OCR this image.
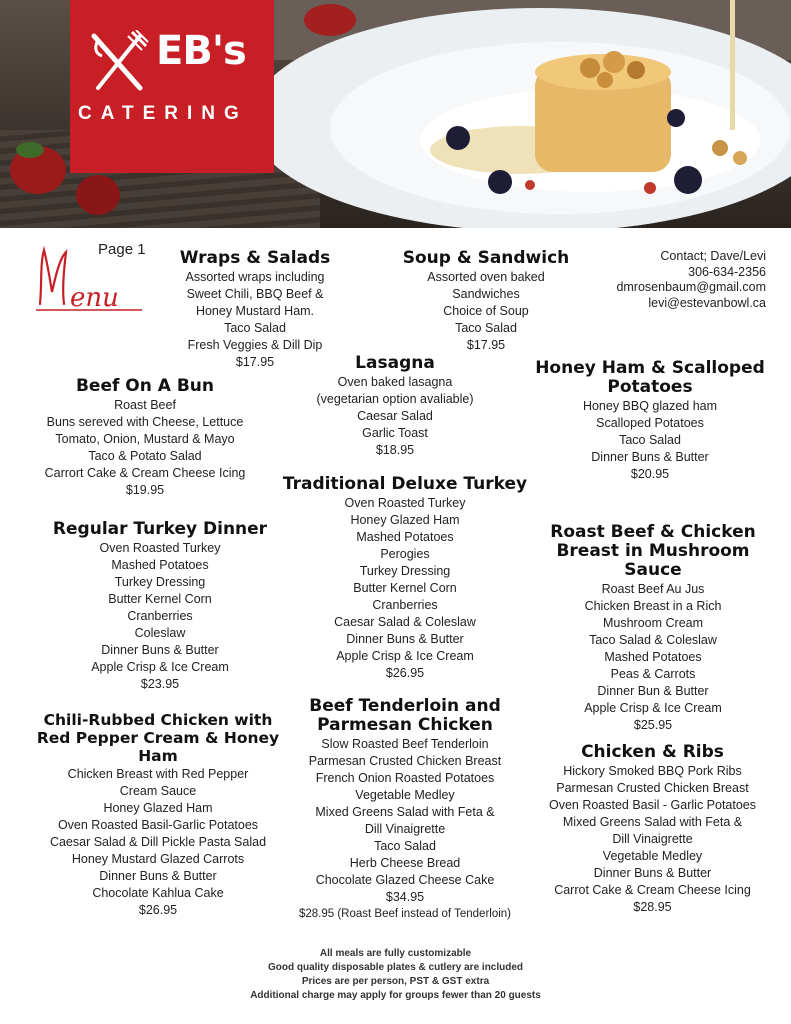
EB's
CATERING
Page 1
enu
Contact; Dave/Levi
306-634-2356
dmrosenbaum@gmail.com
levi@estevanbowl.ca
Wraps & Salads
Assorted wraps including
Sweet Chili, BBQ Beef &
Honey Mustard Ham.
Taco Salad
Fresh Veggies & Dill Dip
$17.95
Soup & Sandwich
Assorted oven baked
Sandwiches
Choice of Soup
Taco Salad
$17.95
Lasagna
Oven baked lasagna
(vegetarian option avaliable)
Caesar Salad
Garlic Toast
$18.95
Honey Ham & Scalloped
Potatoes
Honey BBQ glazed ham
Scalloped Potatoes
Taco Salad
Dinner Buns & Butter
$20.95
Beef On A Bun
Roast Beef
Buns sereved with Cheese, Lettuce
Tomato, Onion, Mustard & Mayo
Taco & Potato Salad
Carrort Cake & Cream Cheese Icing
$19.95	Traditional Deluxe Turkey
Oven Roasted Turkey
Honey Glazed Ham
Mashed Potatoes
Perogies
Turkey Dressing
Butter Kernel Corn
Cranberries
Caesar Salad & Coleslaw
Dinner Buns & Butter
Apple Crisp & Ice Cream
$26.95
Regular Turkey Dinner
Oven Roasted Turkey
Mashed Potatoes
Turkey Dressing
Butter Kernel Corn
Cranberries
Coleslaw
Dinner Buns & Butter
Apple Crisp & Ice Cream
$23.95
Roast Beef & Chicken
Breast in Mushroom Sauce
Roast Beef Au Jus
Chicken Breast in a Rich
Mushroom Cream
Taco Salad & Coleslaw
Mashed Potatoes
Peas & Carrots
Dinner Bun & Butter
Apple Crisp & Ice Cream
$25.95
Beef Tenderloin and
Parmesan Chicken
Slow Roasted Beef Tenderloin
Parmesan Crusted Chicken Breast
French Onion Roasted Potatoes
Vegetable Medley
Mixed Greens Salad with Feta &
Dill Vinaigrette
Taco Salad
Herb Cheese Bread
Chocolate Glazed Cheese Cake
$34.95
$28.95 (Roast Beef instead of Tenderloin)
Chili-Rubbed Chicken with
Red Pepper Cream & Honey Ham
Chicken Breast with Red Pepper
Cream Sauce
Honey Glazed Ham
Oven Roasted Basil-Garlic Potatoes
Caesar Salad & Dill Pickle Pasta Salad
Honey Mustard Glazed Carrots
Dinner Buns & Butter
Chocolate Kahlua Cake
$26.95
Chicken & Ribs
Hickory Smoked BBQ Pork Ribs
Parmesan Crusted Chicken Breast
Oven Roasted Basil - Garlic Potatoes
Mixed Greens Salad with Feta &
Dill Vinaigrette
Vegetable Medley
Dinner Buns & Butter
Carrot Cake & Cream Cheese Icing
$28.95
All meals are fully customizable
Good quality disposable plates & cutlery are included
Prices are per person, PST & GST extra
Additional charge may apply for groups fewer than 20 guests
